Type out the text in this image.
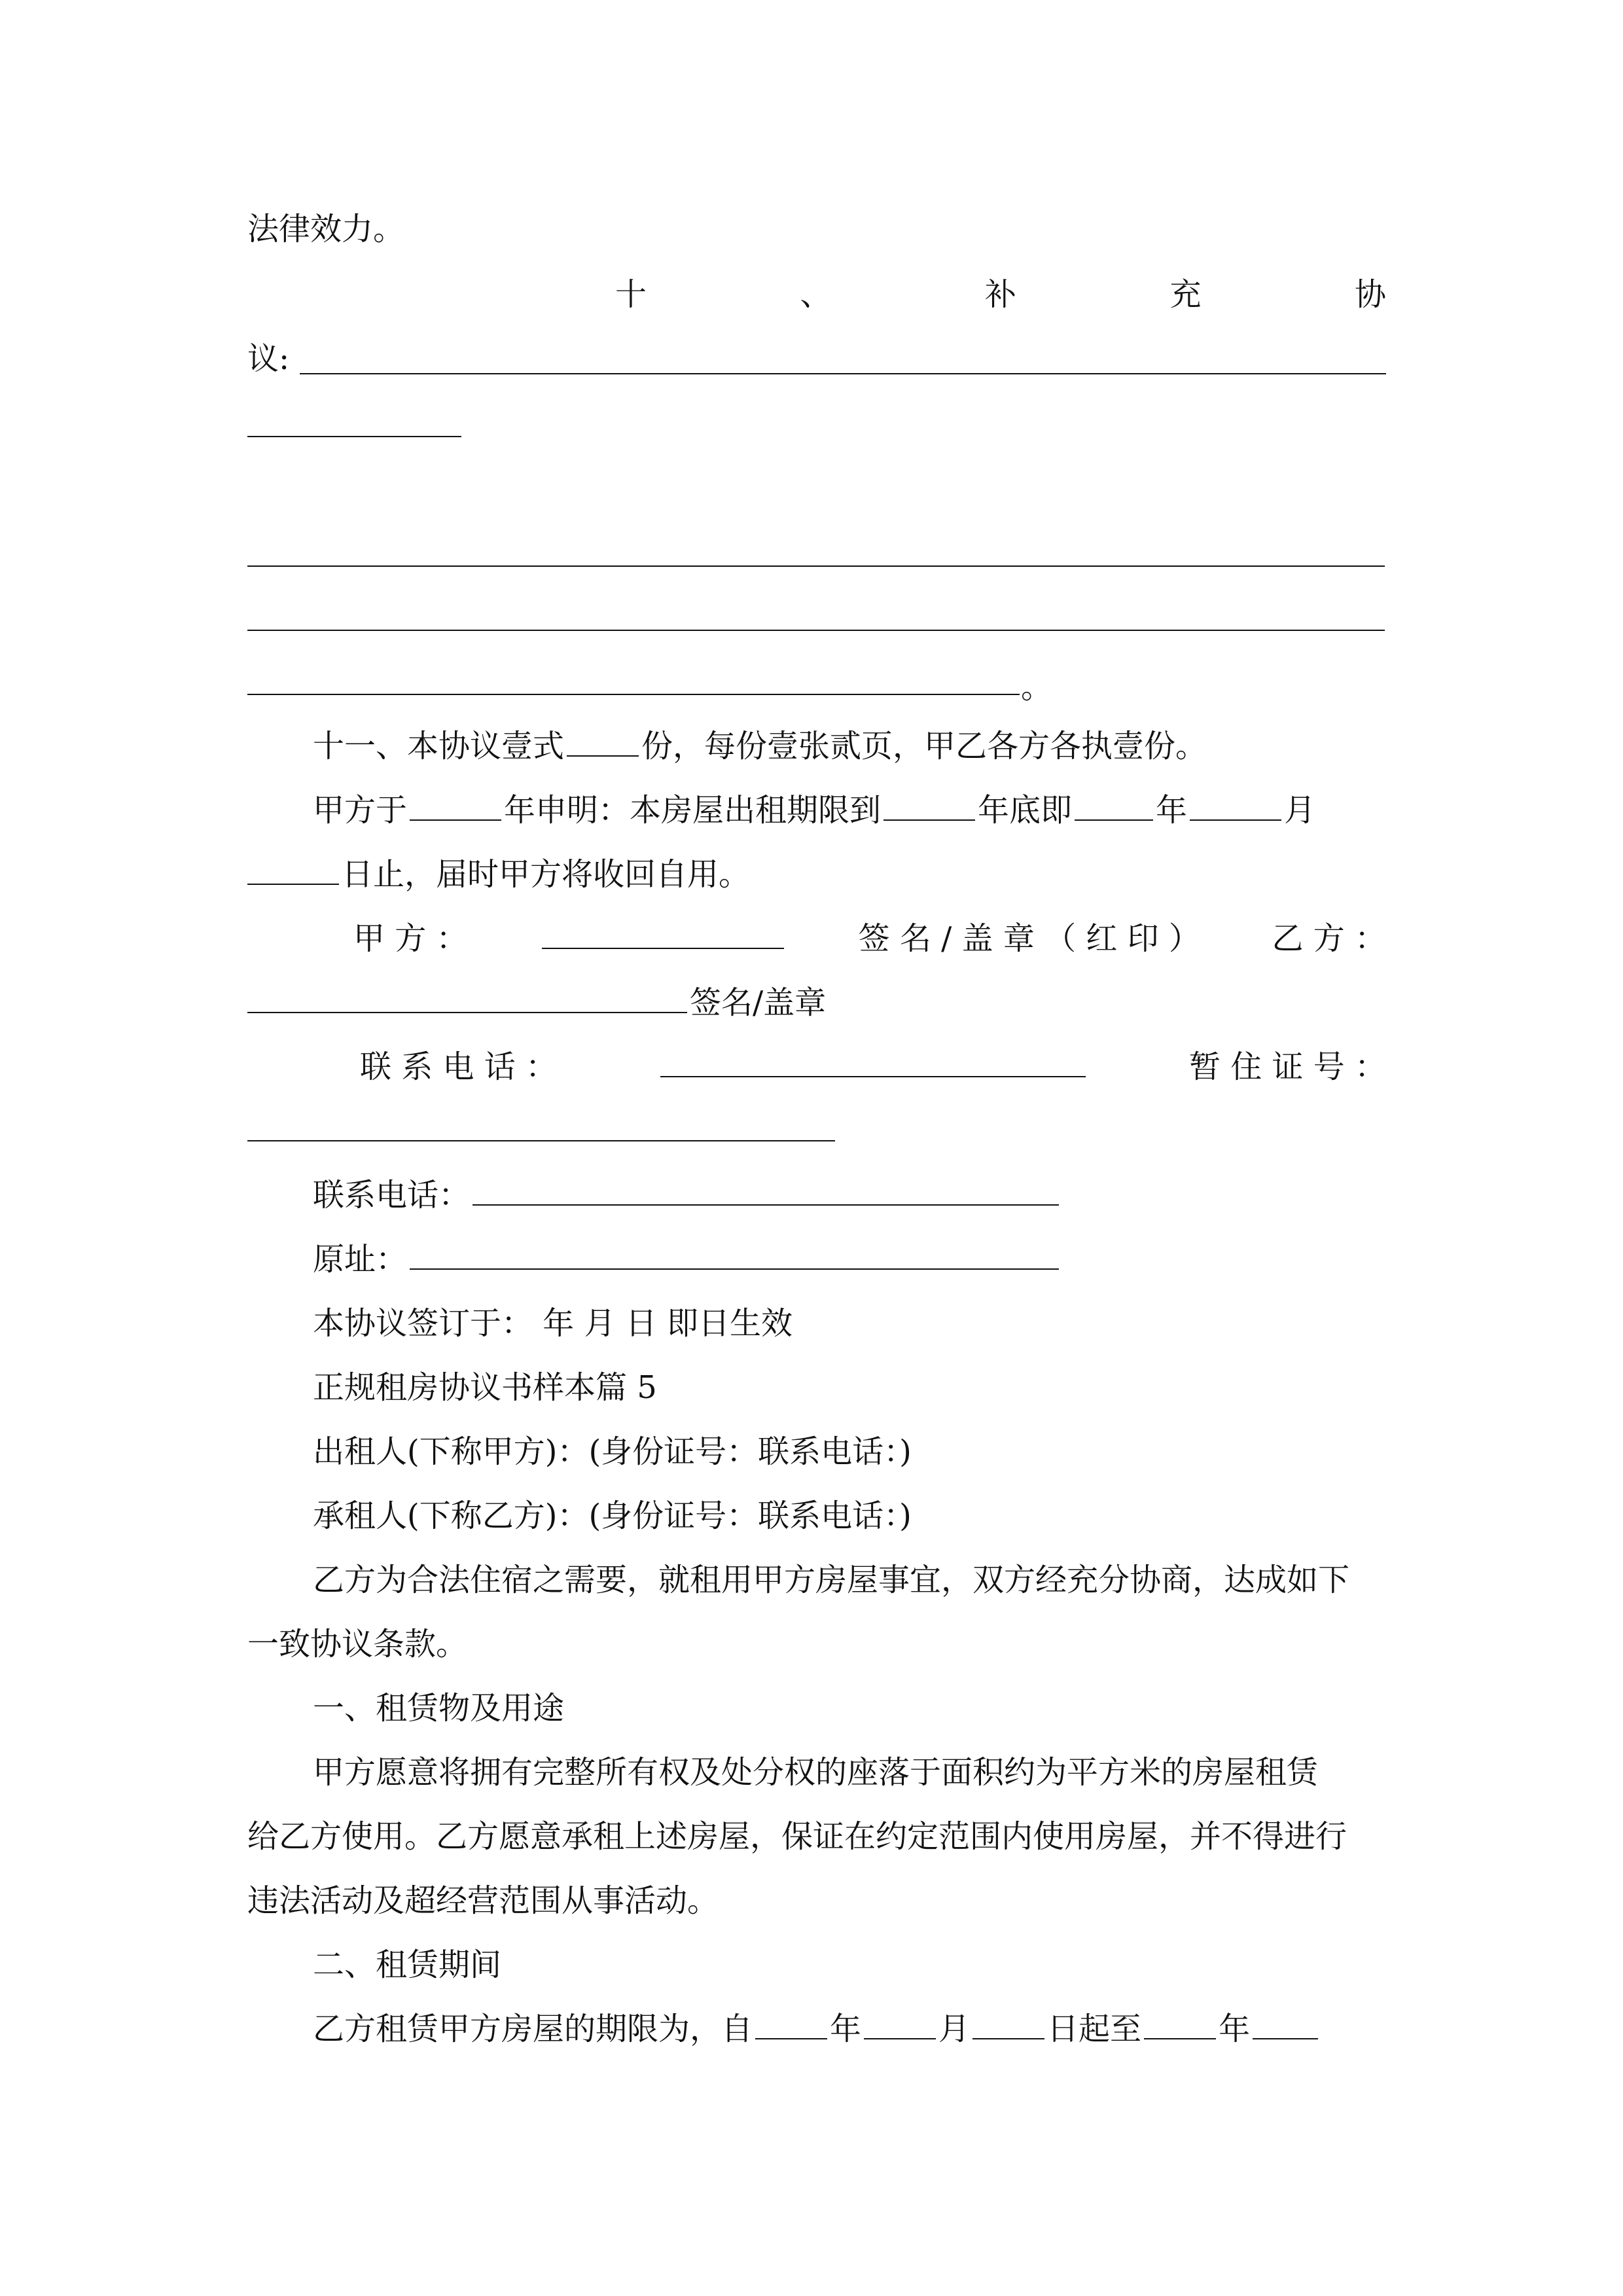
法律效力。
十	、	补	充	协
议:
。
十一、本协议壹式 份，每份壹张贰页，甲乙各方各执壹份。
甲方于	年申明：本房屋出租期限到	年底即	年	月
日止，届时甲方将收回自用。
甲 方 ：	签 名 / 盖 章 （ 红 印 ） 乙 方 ：
签名/盖章
联 系 电 话 ：	暂 住 证 号 ：
联系电话：
原址：
本协议签订于： 年 月 日 即日生效
正规租房协议书样本篇 5
出租人(下称甲方)：(身份证号：联系电话：)
承租人(下称乙方)：(身份证号：联系电话：)
乙方为合法住宿之需要，就租用甲方房屋事宜，双方经充分协商，达成如下
一致协议条款。
一、租赁物及用途
甲方愿意将拥有完整所有权及处分权的座落于面积约为平方米的房屋租赁
给乙方使用。乙方愿意承租上述房屋，保证在约定范围内使用房屋，并不得进行
违法活动及超经营范围从事活动。
二、租赁期间
乙方租赁甲方房屋的期限为，自 年 月 日起至 年
